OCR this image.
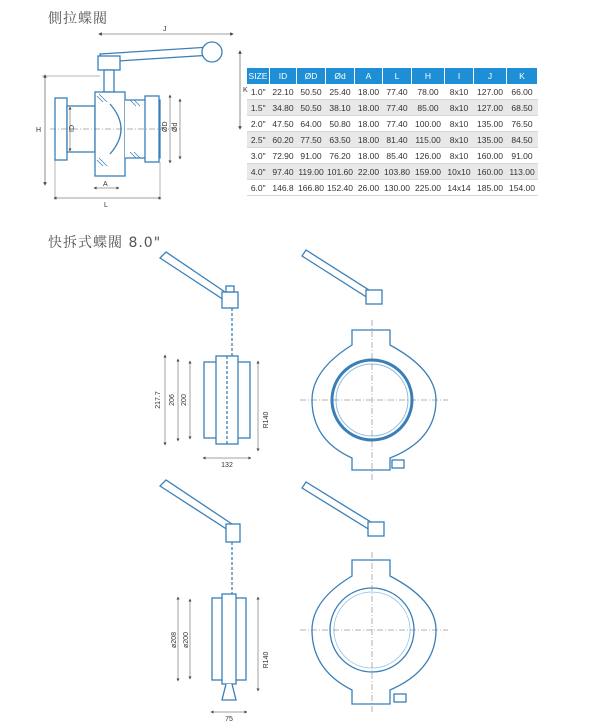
側拉蝶閥
快拆式蝶閥 8.0"
SIZE	ID	ØD	Ød	A	L	H	I	J	K
1.0"	22.10	50.50	25.40	18.00	77.40	78.00	8x10	127.00	66.00
1.5"	34.80	50.50	38.10	18.00	77.40	85.00	8x10	127.00	68.50
2.0"	47.50	64.00	50.80	18.00	77.40	100.00	8x10	135.00	76.50
2.5"	60.20	77.50	63.50	18.00	81.40	115.00	8x10	135.00	84.50
3.0"	72.90	91.00	76.20	18.00	85.40	126.00	8x10	160.00	91.00
4.0"	97.40	119.00	101.60	22.00	103.80	159.00	10x10	160.00	113.00
6.0"	146.8	166.80	152.40	26.00	130.00	225.00	14x14	185.00	154.00
J
K
H
A
L
ID	ØD Ød
217.7 206 200
R140
132
ø208 ø200
R140
75
